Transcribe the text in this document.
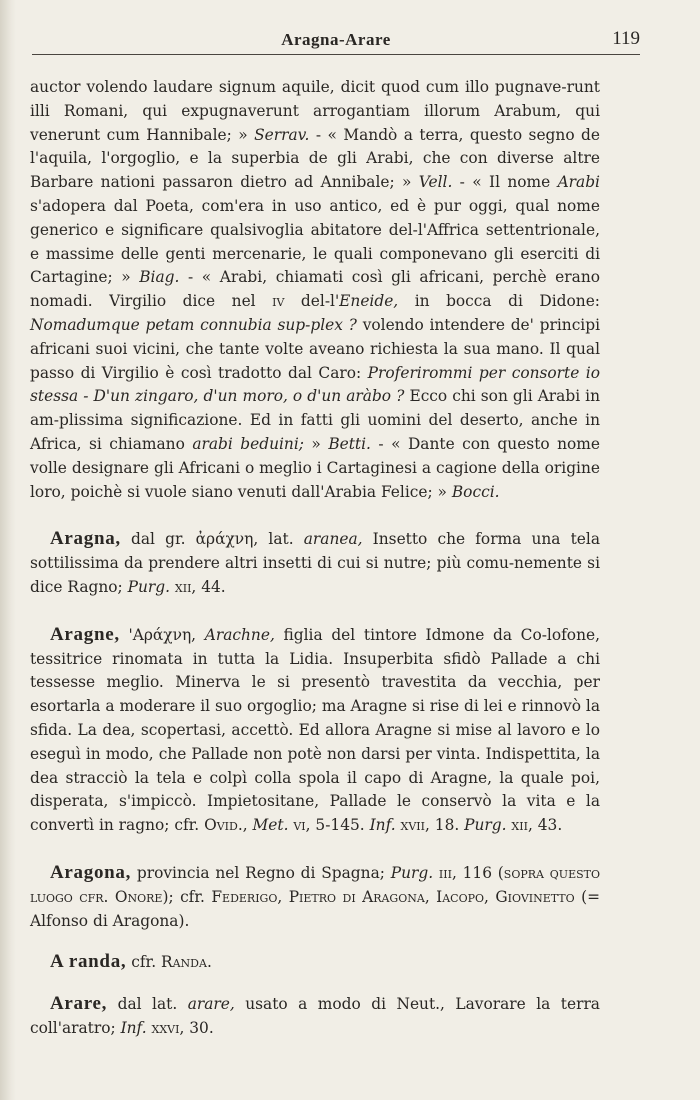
Aragna-Arare	119

auctor volendo laudare signum aquile, dicit quod cum illo pugnave-runt illi Romani, qui expugnaverunt arrogantiam illorum Arabum, qui venerunt cum Hannibale; » Serrav. - « Mandò a terra, questo segno de l'aquila, l'orgoglio, e la superbia de gli Arabi, che con diverse altre Barbare nationi passaron dietro ad Annibale; » Vell. - « Il nome Arabi s'adopera dal Poeta, com'era in uso antico, ed è pur oggi, qual nome generico e significare qualsivoglia abitatore del-l'Affrica settentrionale, e massime delle genti mercenarie, le quali componevano gli eserciti di Cartagine; » Biag. - « Arabi, chiamati così gli africani, perchè erano nomadi. Virgilio dice nel iv del-l'Eneide, in bocca di Didone: Nomadumque petam connubia sup-plex ? volendo intendere de' principi africani suoi vicini, che tante volte aveano richiesta la sua mano. Il qual passo di Virgilio è così tradotto dal Caro: Proferirommi per consorte io stessa - D'un zingaro, d'un moro, o d'un aràbo ? Ecco chi son gli Arabi in am-plissima significazione. Ed in fatti gli uomini del deserto, anche in Africa, si chiamano arabi beduini; » Betti. - « Dante con questo nome volle designare gli Africani o meglio i Cartaginesi a cagione della origine loro, poichè si vuole siano venuti dall'Arabia Felice; » Bocci.

Aragna, dal gr. ἀράχνη, lat. aranea, Insetto che forma una tela sottilissima da prendere altri insetti di cui si nutre; più comu-nemente si dice Ragno; Purg. xii, 44.

Aragne, 'Αράχνη, Arachne, figlia del tintore Idmone da Co-lofone, tessitrice rinomata in tutta la Lidia. Insuperbita sfidò Pallade a chi tessesse meglio. Minerva le si presentò travestita da vecchia, per esortarla a moderare il suo orgoglio; ma Aragne si rise di lei e rinnovò la sfida. La dea, scopertasi, accettò. Ed allora Aragne si mise al lavoro e lo eseguì in modo, che Pallade non potè non darsi per vinta. Indispettita, la dea stracciò la tela e colpì colla spola il capo di Aragne, la quale poi, disperata, s'impiccò. Impietositane, Pallade le conservò la vita e la convertì in ragno; cfr. Ovid., Met. vi, 5-145. Inf. xvii, 18. Purg. xii, 43.

Aragona, provincia nel Regno di Spagna; Purg. iii, 116 (sopra questo luogo cfr. Onore); cfr. Federigo, Pietro di Aragona, Iacopo, Giovinetto (= Alfonso di Aragona).

A randa, cfr. Randa.

Arare, dal lat. arare, usato a modo di Neut., Lavorare la terra coll'aratro; Inf. xxvi, 30.
